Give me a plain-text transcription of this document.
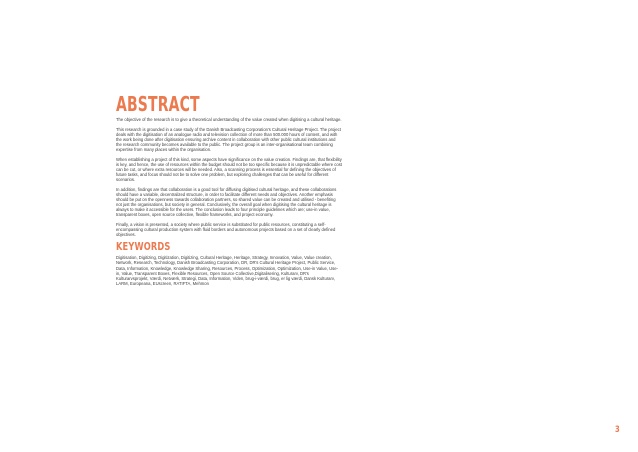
ABSTRACT

The objective of the research is to give a theoretical understanding of the value created when digitising a cultural heritage.

This research is grounded in a case study of the Danish Broadcasting Corporation's Cultural Heritage Project. The project deals with the digitisation of an analogue radio and television collection of more than 500.000 hours of content, and with the work being done after digitisation ensuring archive content in collaboration with other public cultural institutions and the research community becomes available to the public. The project group is an inter-organisational team combining expertise from many places within the organisation.

When establishing a project of this kind, some aspects have significance on the value creation. Findings are, that flexibility is key, and hence, the use of resources within the budget should not be too specific because it is unpredictable where cost can be cut, or where extra resources will be needed. Also, a scanning process is essential for defining the objectives of future tasks, and focus should not be to solve one problem, but exploring challenges that can be useful for different scenarios.

In addition, findings are that collaboration is a good tool for diffusing digitised cultural heritage, and these collaborations should have a variable, decentralized structure, in order to facilitate different needs and objectives. Another emphasis should be put on the openness towards collaboration partners, so shared value can be created and utilised - benefiting not just the organisations, but society in general. Conclusively, the overall goal when digitising the cultural heritage is always to make it accessible for the users. The conclusion leads to four principle guidelines which are; use-in value, transparent boxes, open source collective, flexible frameworks, and project economy.

Finally, a vision is presented, a society where public service is substituted for public resources, constituting a self-encompassing cultural production system with fluid borders and autonomous projects based on a set of clearly defined objectives.

KEYWORDS

Digitisation, Digitizing, Digitization, Digitizing, Cultural Heritage, Heritage, Strategy, Innovation, Value, Value creation, Network, Research, Technology, Danish Broadcasting Corporation, DR, DR's Cultural Heritage Project, Public Service, Data, Information, Knowledge, Knowledge Sharing, Resources, Process, Optimization, Optimization, Use-in Value, Use-in, Value, Transparent Boxes, Flexible Resources, Open Source Collective,Digitalisering, Kulturarv, DR's Kulturarvsprojekt, Værdi, Netværk, Strategi, Data, Information, Viden, brug-i-værdi, brug, er lig værdi, Dansk Kulturarv, LARM, Europeana, EUscreen, RATIFTA, Mehmon

3
